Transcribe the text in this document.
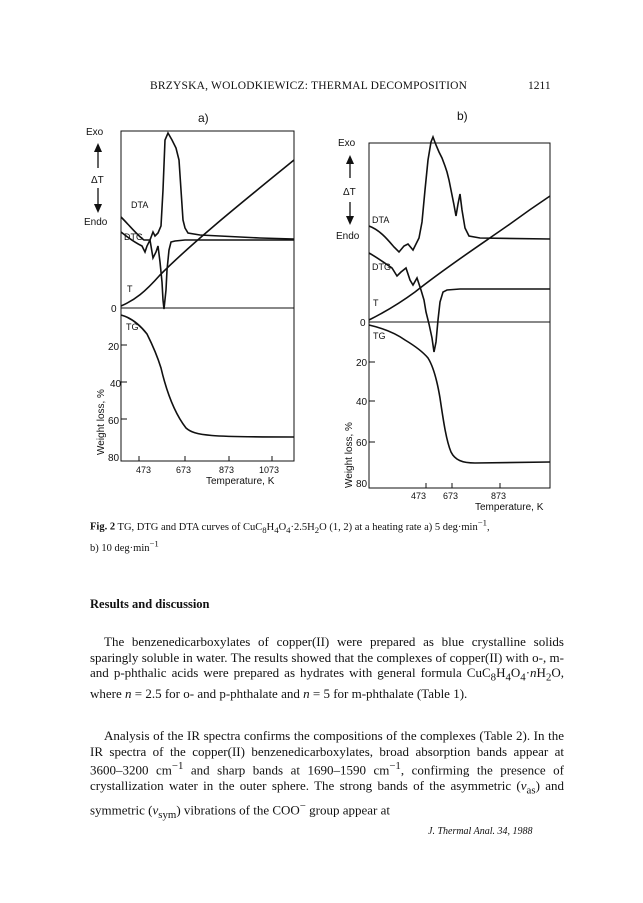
BRZYSKA, WOLODKIEWICZ: THERMAL DECOMPOSITION	1211
a)
Exo
ΔT
Endo
Weight loss, %
0
20
40
60
80
473	673	873	1073
Temperature, K
DTA
DTG
T
TG
b)
Exo
ΔT
Endo
Weight loss, %
0
20
40
60
80
473 673	873
Temperature, K
DTA
DTG
T
TG
Fig. 2 TG, DTG and DTA curves of $CuC_8H_4O_4\cdot 2.5H_2O$ (1, 2) at a heating rate a) 5 $deg\cdot\min^{-1}$,
b) 10 $deg\cdot\min^{-1}$
Results and discussion

The benzenedicarboxylates of copper(II) were prepared as blue crystalline solids sparingly soluble in water. The results showed that the complexes of copper(II) with o-, m- and p-phthalic acids were prepared as hydrates with general formula $CuC_8H_4O_4\cdot nH_2O$, where n = 2.5 for o- and p-phthalate and n = 5 for m-phthalate (Table 1).

Analysis of the IR spectra confirms the compositions of the complexes (Table 2). In the IR spectra of the copper(II) benzenedicarboxylates, broad absorption bands appear at 3600–3200 $cm^{-1}$ and sharp bands at 1690–1590 $cm^{-1}$, confirming the presence of crystallization water in the outer sphere. The strong bands of the asymmetric $(\nu_{as})$ and symmetric $(\nu_{sym})$ vibrations of the COO− group appear at

J. Thermal Anal. 34, 1988
